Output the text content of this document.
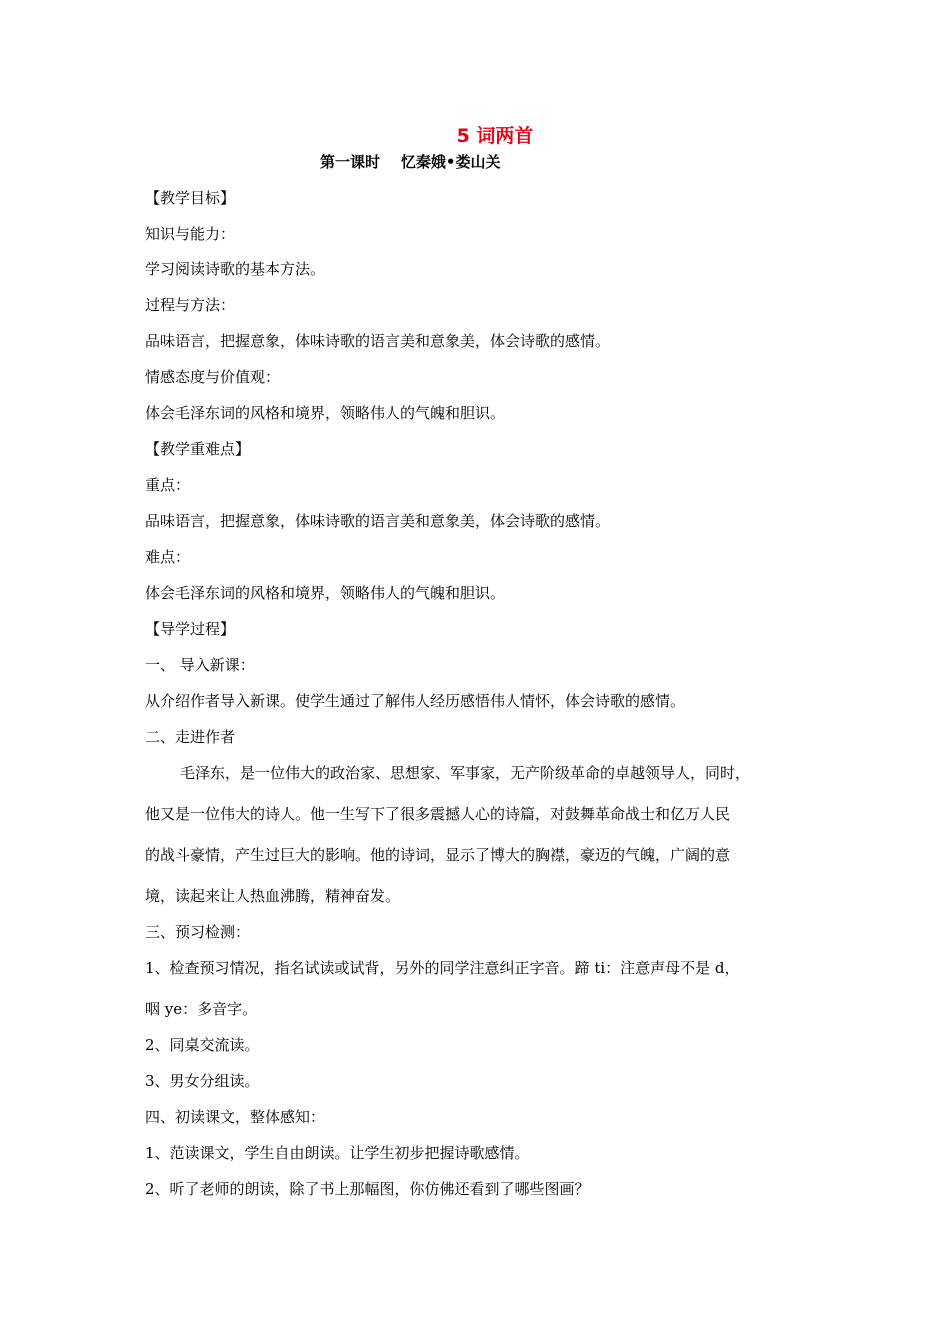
5 词两首
第一课时    忆秦娥•娄山关
【教学目标】
知识与能力：
学习阅读诗歌的基本方法。
过程与方法：
品味语言，把握意象，体味诗歌的语言美和意象美，体会诗歌的感情。
情感态度与价值观：
体会毛泽东词的风格和境界，领略伟人的气魄和胆识。
【教学重难点】
重点：
品味语言，把握意象，体味诗歌的语言美和意象美，体会诗歌的感情。
难点：
体会毛泽东词的风格和境界，领略伟人的气魄和胆识。
【导学过程】
一、 导入新课：
从介绍作者导入新课。使学生通过了解伟人经历感悟伟人情怀，体会诗歌的感情。
二、走进作者
毛泽东，是一位伟大的政治家、思想家、军事家，无产阶级革命的卓越领导人，同时，
他又是一位伟大的诗人。他一生写下了很多震撼人心的诗篇，对鼓舞革命战士和亿万人民
的战斗豪情，产生过巨大的影响。他的诗词，显示了博大的胸襟，豪迈的气魄，广阔的意
境，读起来让人热血沸腾，精神奋发。
三、预习检测：
1、检查预习情况，指名试读或试背，另外的同学注意纠正字音。蹄 ti：注意声母不是 d，
咽 ye：多音字。
2、同桌交流读。
3、男女分组读。
四、初读课文，整体感知：
1、范读课文，学生自由朗读。让学生初步把握诗歌感情。
2、听了老师的朗读，除了书上那幅图，你仿佛还看到了哪些图画？
